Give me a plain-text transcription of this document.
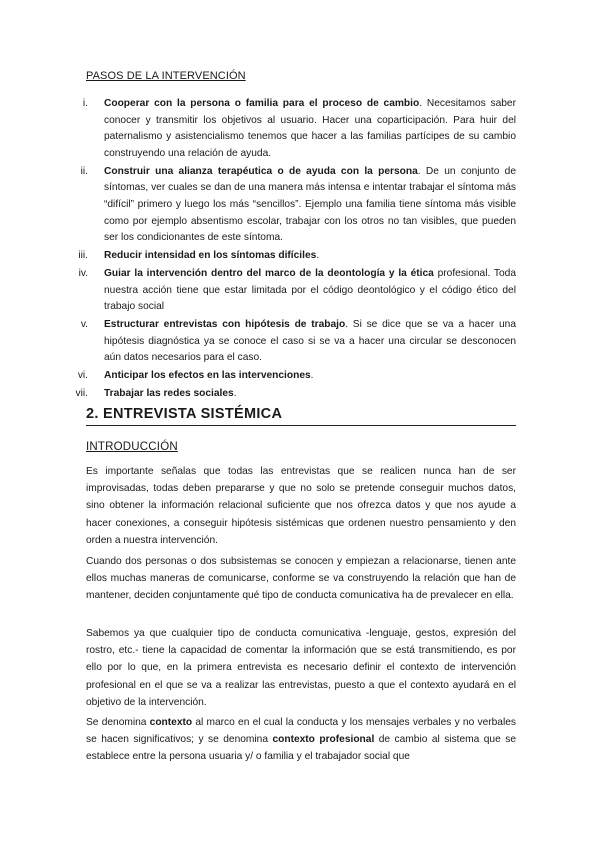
PASOS DE LA INTERVENCIÓN
i.	Cooperar con la persona o familia para el proceso de cambio. Necesitamos saber conocer y transmitir los objetivos al usuario. Hacer una coparticipación. Para huir del paternalismo y asistencialismo tenemos que hacer a las familias partícipes de su cambio construyendo una relación de ayuda.
ii.	Construir una alianza terapéutica o de ayuda con la persona. De un conjunto de síntomas, ver cuales se dan de una manera más intensa e intentar trabajar el síntoma más “difícil” primero y luego los más “sencillos”. Ejemplo una familia tiene síntoma más visible como por ejemplo absentismo escolar, trabajar con los otros no tan visibles, que pueden ser los condicionantes de este síntoma.
iii.	Reducir intensidad en los síntomas difíciles.
iv.	Guiar la intervención dentro del marco de la deontología y la ética profesional. Toda nuestra acción tiene que estar limitada por el código deontológico y el código ético del trabajo social
v.	Estructurar entrevistas con hipótesis de trabajo. Si se dice que se va a hacer una hipótesis diagnóstica ya se conoce el caso si se va a hacer una circular se desconocen aún datos necesarios para el caso.
vi.	Anticipar los efectos en las intervenciones.
vii.	Trabajar las redes sociales.
2. ENTREVISTA SISTÉMICA
INTRODUCCIÓN

Es importante señalas que todas las entrevistas que se realicen nunca han de ser improvisadas, todas deben prepararse y que no solo se pretende conseguir muchos datos, sino obtener la información relacional suficiente que nos ofrezca datos y que nos ayude a hacer conexiones, a conseguir hipótesis sistémicas que ordenen nuestro pensamiento y den orden a nuestra intervención.

Cuando dos personas o dos subsistemas se conocen y empiezan a relacionarse, tienen ante ellos muchas maneras de comunicarse, conforme se va construyendo la relación que han de mantener, deciden conjuntamente qué tipo de conducta comunicativa ha de prevalecer en ella.

Sabemos ya que cualquier tipo de conducta comunicativa -lenguaje, gestos, expresión del rostro, etc.- tiene la capacidad de comentar la información que se está transmitiendo, es por ello por lo que, en la primera entrevista es necesario definir el contexto de intervención profesional en el que se va a realizar las entrevistas, puesto a que el contexto ayudará en el objetivo de la intervención.

Se denomina contexto al marco en el cual la conducta y los mensajes verbales y no verbales se hacen significativos; y se denomina contexto profesional de cambio al sistema que se establece entre la persona usuaria y/ o familia y el trabajador social que
